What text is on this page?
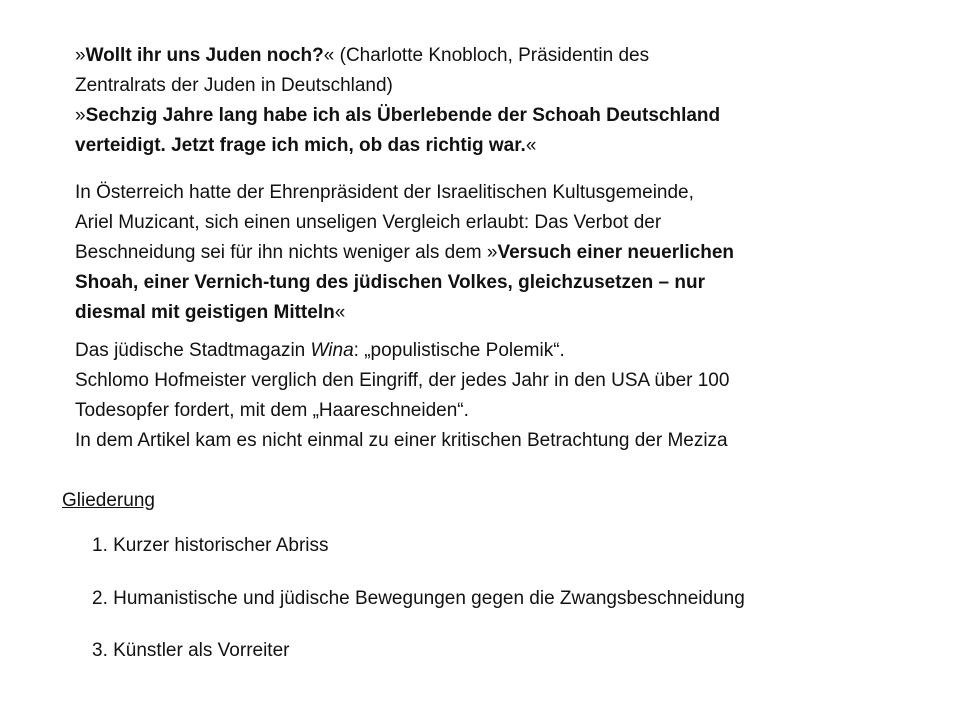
»Wollt ihr uns Juden noch?« (Charlotte Knobloch, Präsidentin des
Zentralrats der Juden in Deutschland)
»Sechzig Jahre lang habe ich als Überlebende der Schoah Deutschland
verteidigt. Jetzt frage ich mich, ob das richtig war.«
In Österreich hatte der Ehrenpräsident der Israelitischen Kultusgemeinde,
Ariel Muzicant, sich einen unseligen Vergleich erlaubt: Das Verbot der
Beschneidung sei für ihn nichts weniger als dem »Versuch einer neuerlichen
Shoah, einer Vernich-tung des jüdischen Volkes, gleichzusetzen – nur
diesmal mit geistigen Mitteln«
Das jüdische Stadtmagazin Wina: „populistische Polemik“.
Schlomo Hofmeister verglich den Eingriff, der jedes Jahr in den USA über 100
Todesopfer fordert, mit dem „Haareschneiden“.
In dem Artikel kam es nicht einmal zu einer kritischen Betrachtung der Meziza
Gliederung
1. Kurzer historischer Abriss
2. Humanistische und jüdische Bewegungen gegen die Zwangsbeschneidung
3. Künstler als Vorreiter
